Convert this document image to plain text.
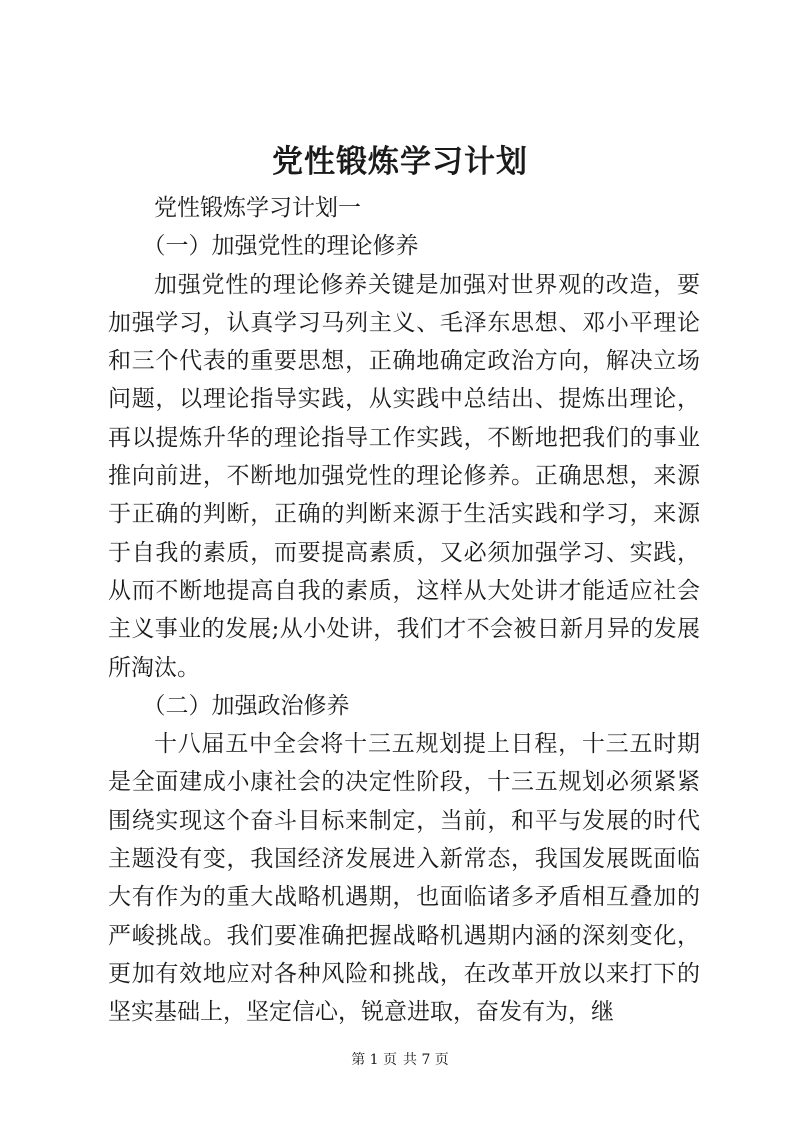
党性锻炼学习计划

党性锻炼学习计划一

（一）加强党性的理论修养

加强党性的理论修养关键是加强对世界观的改造，要加强学习，认真学习马列主义、毛泽东思想、邓小平理论和三个代表的重要思想，正确地确定政治方向，解决立场问题，以理论指导实践，从实践中总结出、提炼出理论，再以提炼升华的理论指导工作实践，不断地把我们的事业推向前进，不断地加强党性的理论修养。正确思想，来源于正确的判断，正确的判断来源于生活实践和学习，来源于自我的素质，而要提高素质，又必须加强学习、实践，从而不断地提高自我的素质，这样从大处讲才能适应社会主义事业的发展;从小处讲，我们才不会被日新月异的发展所淘汰。

（二）加强政治修养

十八届五中全会将十三五规划提上日程，十三五时期是全面建成小康社会的决定性阶段，十三五规划必须紧紧围绕实现这个奋斗目标来制定，当前，和平与发展的时代主题没有变，我国经济发展进入新常态，我国发展既面临大有作为的重大战略机遇期，也面临诸多矛盾相互叠加的严峻挑战。我们要准确把握战略机遇期内涵的深刻变化，更加有效地应对各种风险和挑战，在改革开放以来打下的坚实基础上，坚定信心，锐意进取，奋发有为，继

第 1 页 共 7 页
